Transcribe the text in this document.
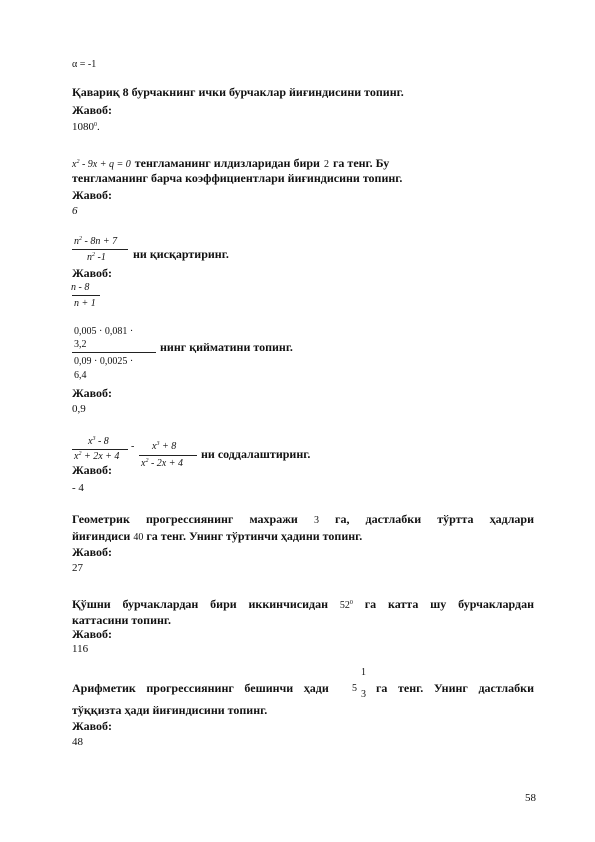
α = -1
Қавариқ 8 бурчакнинг ички бурчаклар йиғиндисини топинг.
Жавоб:
1080$^0$.
$x^2 - 9x + q = 0$ тенгламанинг илдизларидан бири 2 га тенг. Бу
тенгламанинг барча коэффициентлари йиғиндисини топинг.
Жавоб:
6
$n^2 - 8n + 7$
$n^2$ -1 ни қисқартиринг.
Жавоб:
n - 8
n + 1
0,005 · 0,081 ·
3,2
0,09 · 0,0025 ·
6,4
нинг қийматини топинг.
Жавоб:
0,9
$x^3 - 8$
$x^2 + 2x + 4$
- $x^3 + 8$
$x^2 - 2x + 4$
ни соддалаштиринг.
Жавоб:
- 4
Геометрик прогрессиянинг махражи 3 га, дастлабки тўртта ҳадлари
йиғиндиси 40 га тенг. Унинг тўртинчи ҳадини топинг.
Жавоб:
27
Қўшни бурчаклардан бири иккинчисидан $52^0$ га катта шу бурчаклардан
каттасини топинг.
Жавоб:
116
Арифметик прогрессиянинг бешинчи ҳади	га тенг. Унинг дастлабки
5
1
3
тўққизта ҳади йиғиндисини топинг.
Жавоб:
48
58
